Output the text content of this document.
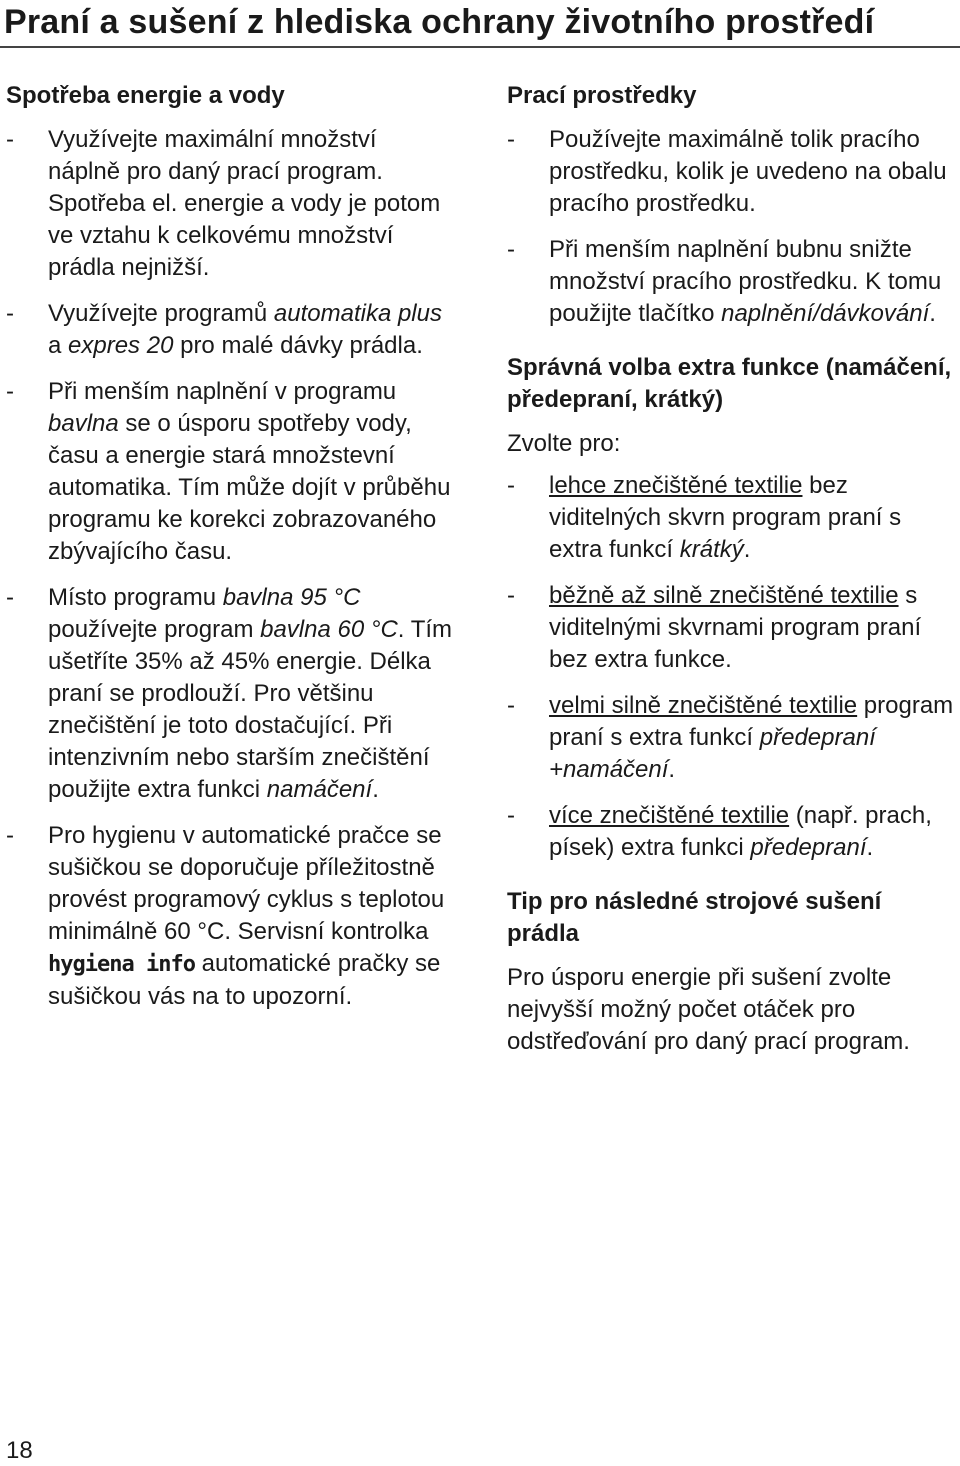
Praní a sušení z hlediska ochrany životního prostředí
Spotřeba energie a vody
- Využívejte maximální množství náplně pro daný prací program. Spotřeba el. energie a vody je potom ve vztahu k celkovému množství prádla nejnižší.
- Využívejte programů automatika plus a expres 20 pro malé dávky prádla.
- Při menším naplnění v programu bavlna se o úsporu spotřeby vody, času a energie stará množstevní automatika. Tím může dojít v průběhu programu ke korekci zobrazovaného zbývajícího času.
- Místo programu bavlna 95 °C používejte program bavlna 60 °C. Tím ušetříte 35% až 45% energie. Délka praní se prodlouží. Pro většinu znečištění je toto dostačující. Při intenzivním nebo starším znečištění použijte extra funkci namáčení.
- Pro hygienu v automatické pračce se sušičkou se doporučuje příležitostně provést programový cyklus s teplotou minimálně 60 °C. Servisní kontrolka hygiena info automatické pračky se sušičkou vás na to upozorní.
Prací prostředky
- Používejte maximálně tolik pracího prostředku, kolik je uvedeno na obalu pracího prostředku.
- Při menším naplnění bubnu snižte množství pracího prostředku. K tomu použijte tlačítko naplnění/dávkování.
Správná volba extra funkce (namáčení, předepraní, krátký)

Zvolte pro:

- lehce znečištěné textilie bez viditelných skvrn program praní s extra funkcí krátký.
- běžně až silně znečištěné textilie s viditelnými skvrnami program praní bez extra funkce.
- velmi silně znečištěné textilie program praní s extra funkcí předepraní +namáčení.
- více znečištěné textilie (např. prach, písek) extra funkci předepraní.
Tip pro následné strojové sušení prádla

Pro úsporu energie při sušení zvolte nejvyšší možný počet otáček pro odstřeďování pro daný prací program.

18
